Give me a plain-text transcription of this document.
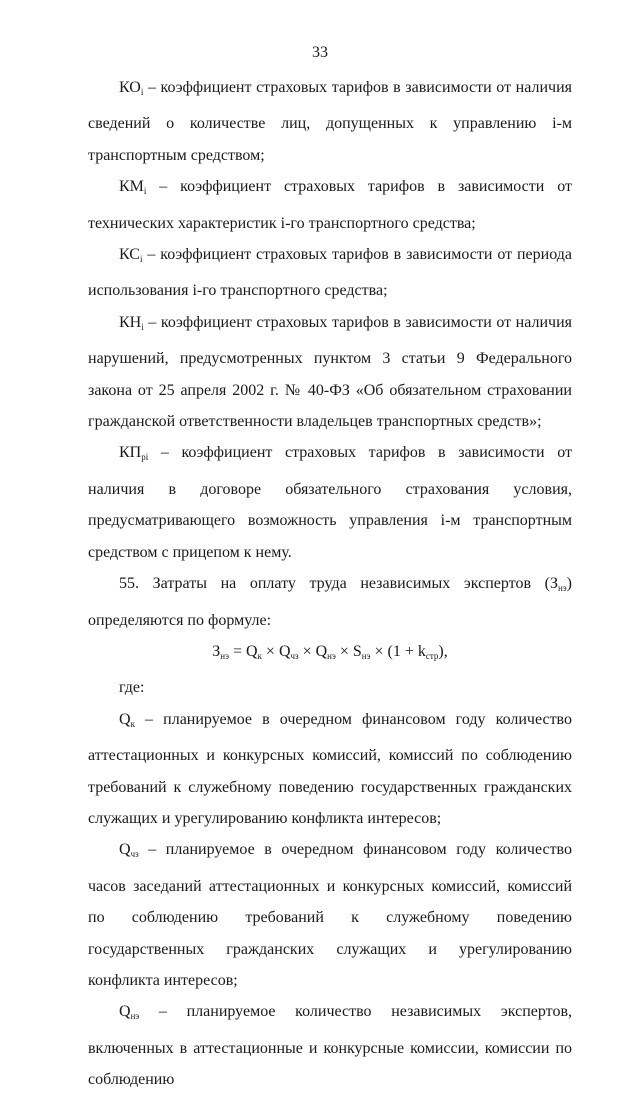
33

$КО_i$ – коэффициент страховых тарифов в зависимости от наличия сведений о количестве лиц, допущенных к управлению i-м транспортным средством;

$КМ_i$ – коэффициент страховых тарифов в зависимости от технических характеристик i-го транспортного средства;

$КС_i$ – коэффициент страховых тарифов в зависимости от периода использования i-го транспортного средства;

$КН_i$ – коэффициент страховых тарифов в зависимости от наличия нарушений, предусмотренных пунктом 3 статьи 9 Федерального закона от 25 апреля 2002 г. № 40-ФЗ «Об обязательном страховании гражданской ответственности владельцев транспортных средств»;

$КП_{pi}$ – коэффициент страховых тарифов в зависимости от наличия в договоре обязательного страхования условия, предусматривающего возможность управления i-м транспортным средством с прицепом к нему.

55. Затраты на оплату труда независимых экспертов $(З_{нэ})$ определяются по формуле:

$З_{нэ} = Q_к \times Q_{чз} \times Q_{нэ} \times S_{нэ} \times (1 + k_{стр})$,

где:

$Q_к$ – планируемое в очередном финансовом году количество аттестационных и конкурсных комиссий, комиссий по соблюдению требований к служебному поведению государственных гражданских служащих и урегулированию конфликта интересов;

$Q_{чз}$ – планируемое в очередном финансовом году количество часов заседаний аттестационных и конкурсных комиссий, комиссий по соблюдению требований к служебному поведению государственных гражданских служащих и урегулированию конфликта интересов;

$Q_{нэ}$ – планируемое количество независимых экспертов, включенных в аттестационные и конкурсные комиссии, комиссии по соблюдению
